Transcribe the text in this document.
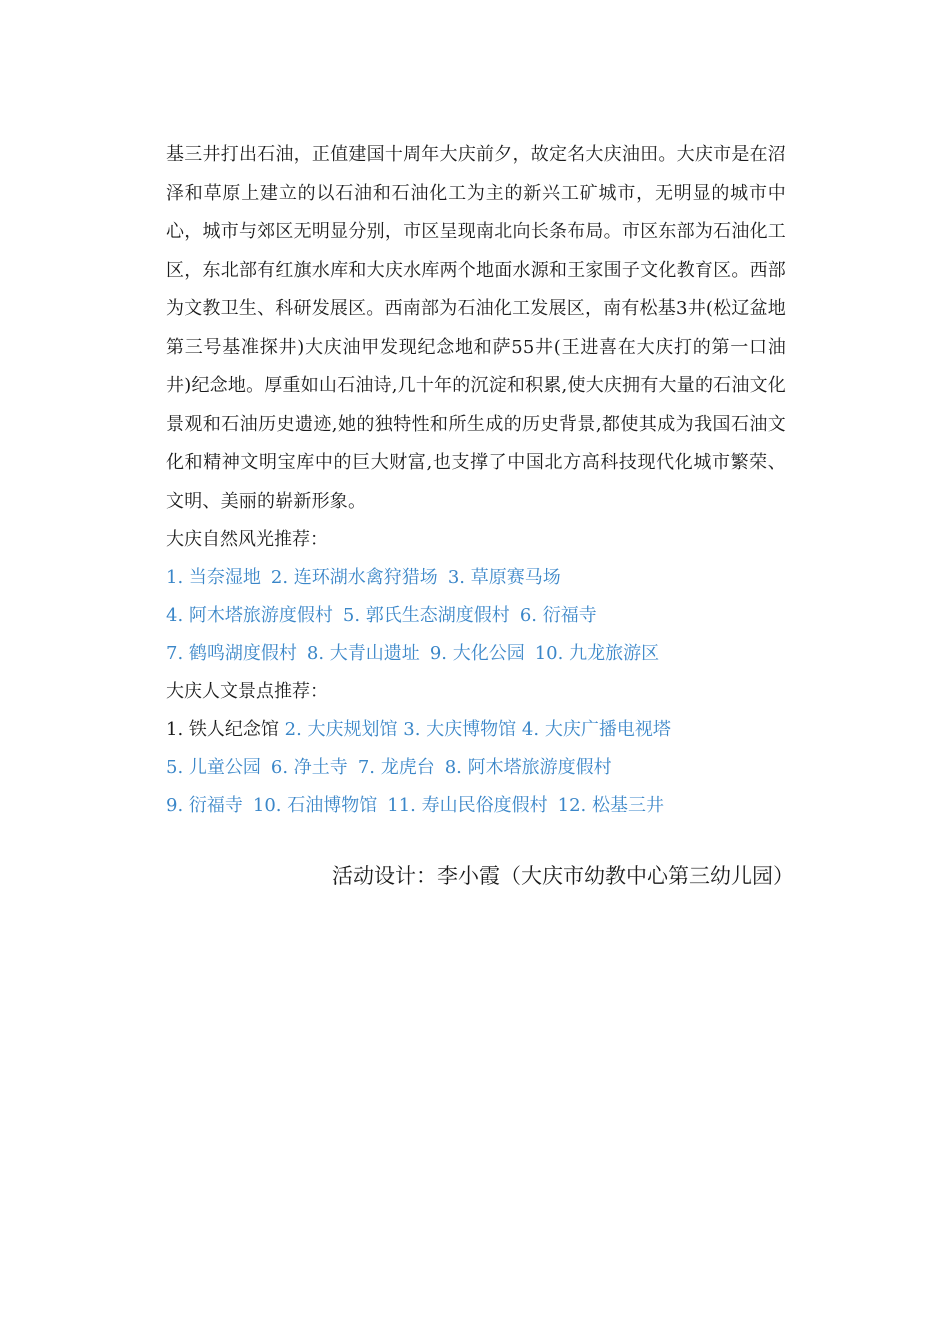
基三井打出石油，正值建国十周年大庆前夕，故定名大庆油田。大庆市是在沼泽和草原上建立的以石油和石油化工为主的新兴工矿城市，无明显的城市中心，城市与郊区无明显分别，市区呈现南北向长条布局。市区东部为石油化工区，东北部有红旗水库和大庆水库两个地面水源和王家围子文化教育区。西部为文教卫生、科研发展区。西南部为石油化工发展区，南有松基3井(松辽盆地第三号基准探井)大庆油甲发现纪念地和萨55井(王进喜在大庆打的第一口油井)纪念地。厚重如山石油诗,几十年的沉淀和积累,使大庆拥有大量的石油文化景观和石油历史遗迹,她的独特性和所生成的历史背景,都使其成为我国石油文化和精神文明宝库中的巨大财富,也支撑了中国北方高科技现代化城市繁荣、文明、美丽的崭新形象。

大庆自然风光推荐：

1. 当奈湿地 2. 连环湖水禽狩猎场 3. 草原赛马场

4. 阿木塔旅游度假村 5. 郭氏生态湖度假村 6. 衍福寺

7. 鹤鸣湖度假村 8. 大青山遗址 9. 大化公园 10. 九龙旅游区

大庆人文景点推荐：

1. 铁人纪念馆 2. 大庆规划馆 3. 大庆博物馆 4. 大庆广播电视塔

5. 儿童公园 6. 净土寺 7. 龙虎台 8. 阿木塔旅游度假村

9. 衍福寺 10. 石油博物馆 11. 寿山民俗度假村 12. 松基三井

活动设计：李小霞（大庆市幼教中心第三幼儿园）
